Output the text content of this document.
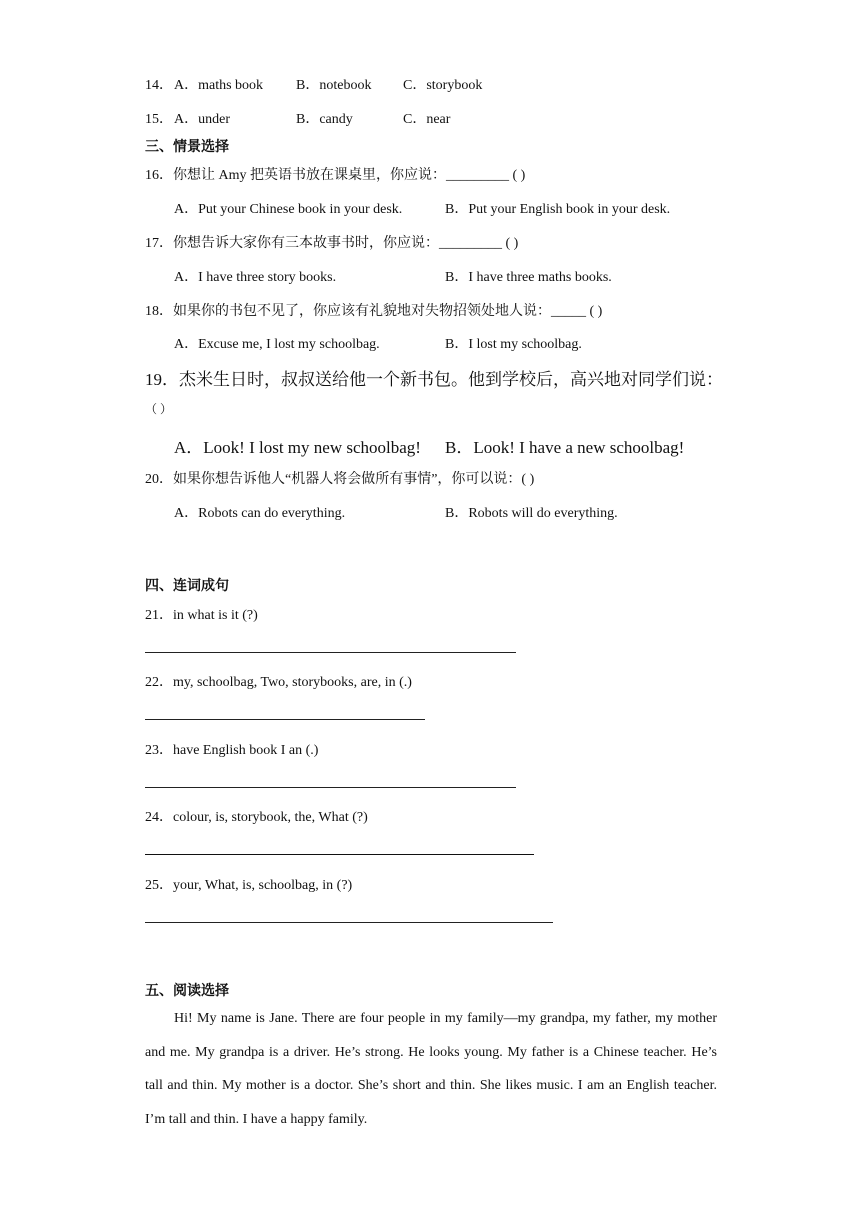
14． A．maths book B．notebook C．storybook
15． A．under	B．candy	C．near
三、情景选择
16．你想让 Amy 把英语书放在课桌里，你应说：_________ ( )
A．Put your Chinese book in your desk.	B．Put your English book in your desk.
17．你想告诉大家你有三本故事书时，你应说：_________ ( )
A．I have three story books.	B．I have three maths books.
18．如果你的书包不见了，你应该有礼貌地对失物招领处地人说：_____ ( )
A．Excuse me, I lost my schoolbag.	B．I lost my schoolbag.
19．杰米生日时，叔叔送给他一个新书包。他到学校后，高兴地对同学们说：
（ ）
A．Look! I lost my new schoolbag! B．Look! I have a new schoolbag!
20．如果你想告诉他人“机器人将会做所有事情”，你可以说：( )
A．Robots can do everything.	B．Robots will do everything.
四、连词成句
21．in what is it (?)
22．my, schoolbag, Two, storybooks, are, in (.)
23．have English book I an (.)
24．colour, is, storybook, the, What (?)
25．your, What, is, schoolbag, in (?)
五、阅读选择
Hi! My name is Jane. There are four people in my family—my grandpa, my father, my mother and me. My grandpa is a driver. He’s strong. He looks young. My father is a Chinese teacher. He’s tall and thin. My mother is a doctor. She’s short and thin. She likes music. I am an English teacher. I’m tall and thin. I have a happy family.
